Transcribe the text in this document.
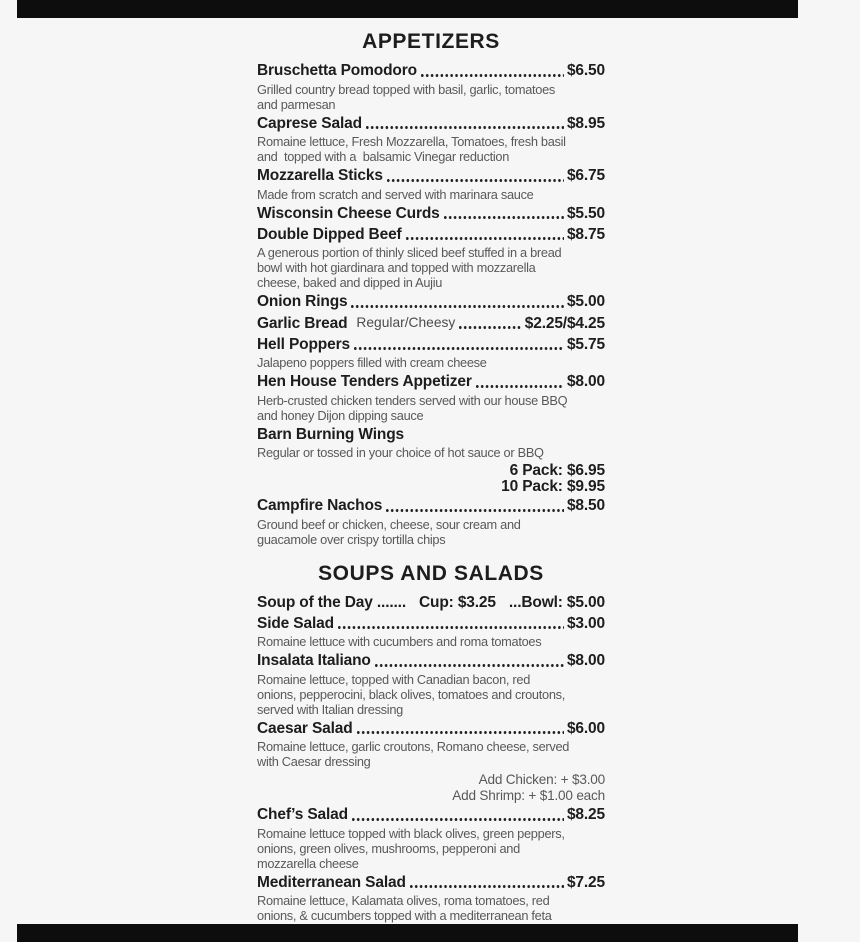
APPETIZERS
Bruschetta Pomodoro	$6.50
Grilled country bread topped with basil, garlic, tomatoes
and parmesan
Caprese Salad	$8.95
Romaine lettuce, Fresh Mozzarella, Tomatoes, fresh basil
and  topped with a  balsamic Vinegar reduction
Mozzarella Sticks	$6.75
Made from scratch and served with marinara sauce
Wisconsin Cheese Curds	$5.50
Double Dipped Beef	$8.75
A generous portion of thinly sliced beef stuffed in a bread
bowl with hot giardinara and topped with mozzarella
cheese, baked and dipped in Aujiu
Onion Rings	$5.00
Garlic Bread Regular/Cheesy	$2.25/$4.25
Hell Poppers	$5.75
Jalapeno poppers filled with cream cheese
Hen House Tenders Appetizer	$8.00
Herb-crusted chicken tenders served with our house BBQ
and honey Dijon dipping sauce
Barn Burning Wings
Regular or tossed in your choice of hot sauce or BBQ
6 Pack: $6.95
10 Pack: $9.95
Campfire Nachos	$8.50
Ground beef or chicken, cheese, sour cream and
guacamole over crispy tortilla chips
SOUPS AND SALADS
Soup of the Day ....... Cup: $3.25 ...Bowl: $5.00
Side Salad	$3.00
Romaine lettuce with cucumbers and roma tomatoes
Insalata Italiano	$8.00
Romaine lettuce, topped with Canadian bacon, red
onions, pepperocini, black olives, tomatoes and croutons,
served with Italian dressing
Caesar Salad	$6.00
Romaine lettuce, garlic croutons, Romano cheese, served
with Caesar dressing
Add Chicken: + $3.00
Add Shrimp: + $1.00 each
Chef’s Salad	$8.25
Romaine lettuce topped with black olives, green peppers,
onions, green olives, mushrooms, pepperoni and
mozzarella cheese
Mediterranean Salad	$7.25
Romaine lettuce, Kalamata olives, roma tomatoes, red
onions, & cucumbers topped with a mediterranean feta
